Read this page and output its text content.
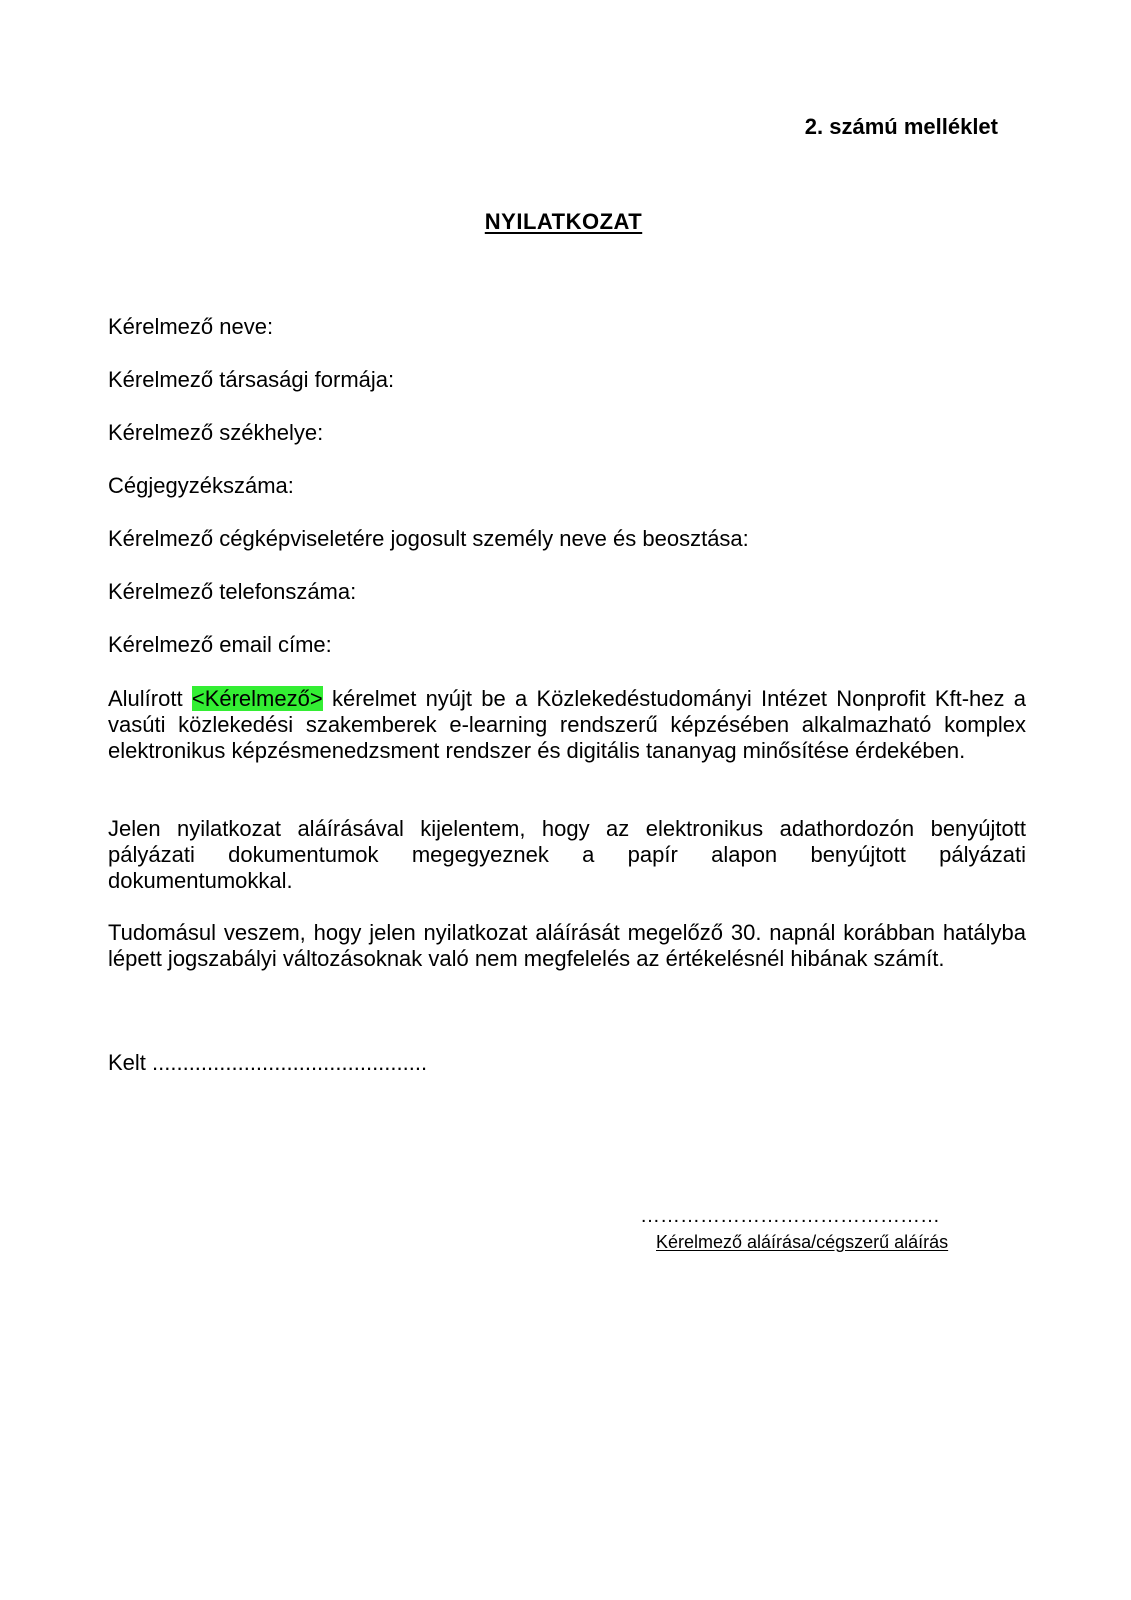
2. számú melléklet

NYILATKOZAT
Kérelmező neve:
Kérelmező társasági formája:
Kérelmező székhelye:
Cégjegyzékszáma:
Kérelmező cégképviseletére jogosult személy neve és beosztása:
Kérelmező telefonszáma:
Kérelmező email címe:

Alulírott <Kérelmező> kérelmet nyújt be a Közlekedéstudományi Intézet Nonprofit Kft-hez a vasúti közlekedési szakemberek e-learning rendszerű képzésében alkalmazható komplex elektronikus képzésmenedzsment rendszer és digitális tananyag minősítése érdekében.

Jelen nyilatkozat aláírásával kijelentem, hogy az elektronikus adathordozón benyújtott pályázati dokumentumok megegyeznek a papír alapon benyújtott pályázati dokumentumokkal.

Tudomásul veszem, hogy jelen nyilatkozat aláírását megelőző 30. napnál korábban hatályba lépett jogszabályi változásoknak való nem megfelelés az értékelésnél hibának számít.

Kelt .............................................

………………………………………

Kérelmező aláírása/cégszerű aláírás
